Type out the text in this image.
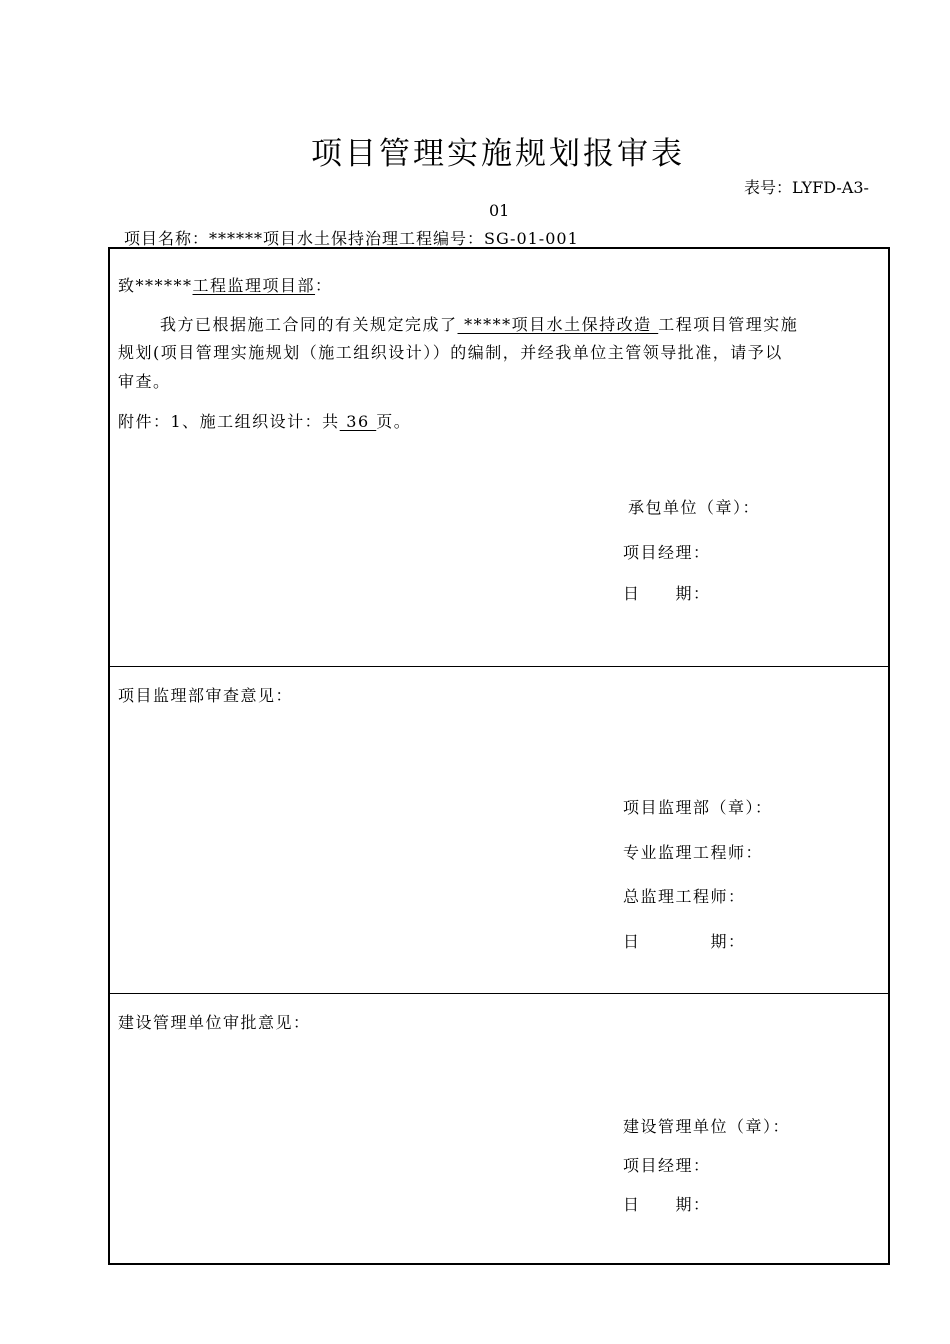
项目管理实施规划报审表
表号：LYFD-A3-
01
项目名称：******项目水土保持治理工程编号：SG-01-001
致******工程监理项目部：
我方已根据施工合同的有关规定完成了 *****项目水土保持改造 工程项目管理实施
规划(项目管理实施规划（施工组织设计））的编制，并经我单位主管领导批准，请予以
审查。
附件：1、施工组织设计：共 36 页。
承包单位（章）：
项目经理：
日　　期：
项目监理部审查意见：
项目监理部（章）：
专业监理工程师：
总监理工程师：
日　　　　期：
建设管理单位审批意见：
建设管理单位（章）：
项目经理：
日　　期：
